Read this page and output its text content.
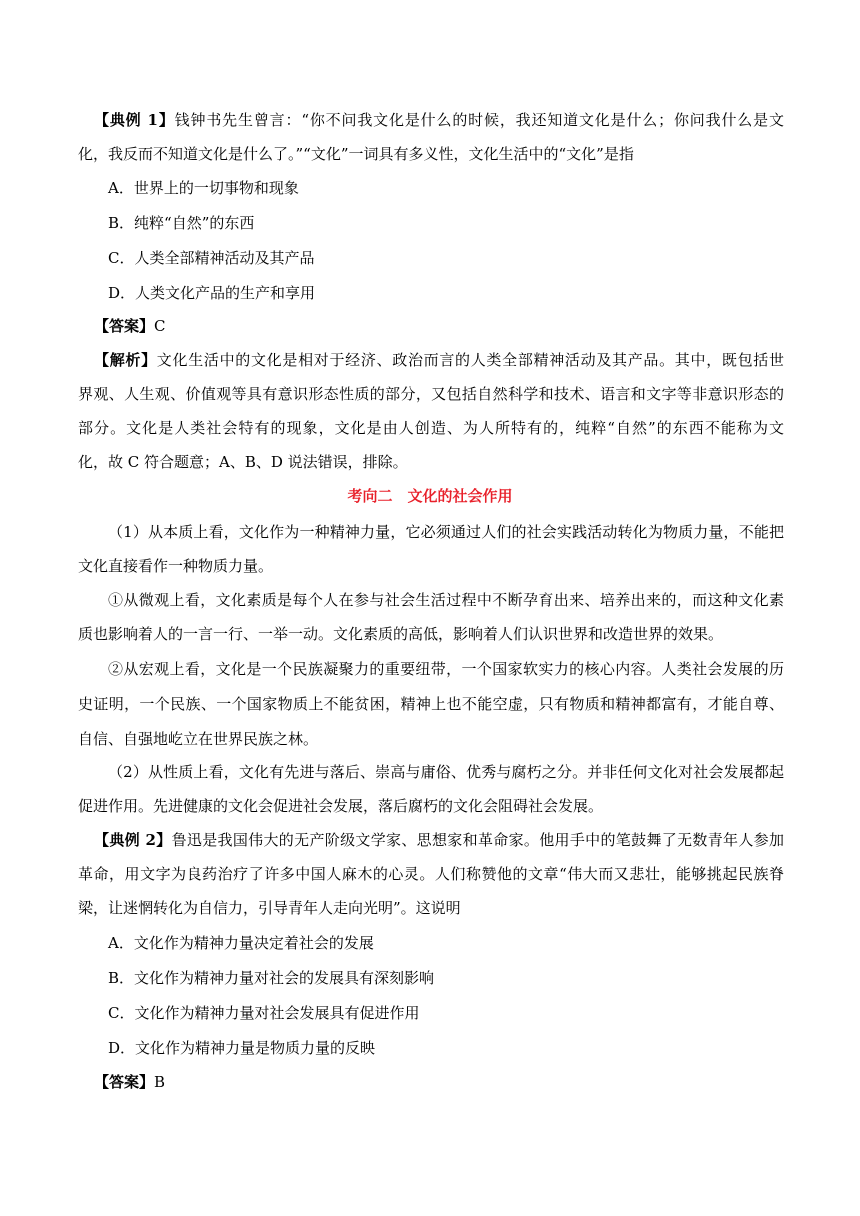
【典例 1】钱钟书先生曾言：“你不问我文化是什么的时候，我还知道文化是什么；你问我什么是文
化，我反而不知道文化是什么了。”“文化”一词具有多义性，文化生活中的“文化”是指
A．世界上的一切事物和现象
B．纯粹“自然”的东西
C．人类全部精神活动及其产品
D．人类文化产品的生产和享用
【答案】C
【解析】文化生活中的文化是相对于经济、政治而言的人类全部精神活动及其产品。其中，既包括世
界观、人生观、价值观等具有意识形态性质的部分，又包括自然科学和技术、语言和文字等非意识形态的
部分。文化是人类社会特有的现象，文化是由人创造、为人所特有的，纯粹“自然”的东西不能称为文
化，故 C 符合题意；A、B、D 说法错误，排除。
考向二　文化的社会作用
（1）从本质上看，文化作为一种精神力量，它必须通过人们的社会实践活动转化为物质力量，不能把
文化直接看作一种物质力量。
①从微观上看，文化素质是每个人在参与社会生活过程中不断孕育出来、培养出来的，而这种文化素
质也影响着人的一言一行、一举一动。文化素质的高低，影响着人们认识世界和改造世界的效果。
②从宏观上看，文化是一个民族凝聚力的重要纽带，一个国家软实力的核心内容。人类社会发展的历
史证明，一个民族、一个国家物质上不能贫困，精神上也不能空虚，只有物质和精神都富有，才能自尊、
自信、自强地屹立在世界民族之林。
（2）从性质上看，文化有先进与落后、崇高与庸俗、优秀与腐朽之分。并非任何文化对社会发展都起
促进作用。先进健康的文化会促进社会发展，落后腐朽的文化会阻碍社会发展。
【典例 2】鲁迅是我国伟大的无产阶级文学家、思想家和革命家。他用手中的笔鼓舞了无数青年人参加
革命，用文字为良药治疗了许多中国人麻木的心灵。人们称赞他的文章“伟大而又悲壮，能够挑起民族脊
梁，让迷惘转化为自信力，引导青年人走向光明”。这说明
A．文化作为精神力量决定着社会的发展
B．文化作为精神力量对社会的发展具有深刻影响
C．文化作为精神力量对社会发展具有促进作用
D．文化作为精神力量是物质力量的反映
【答案】B
